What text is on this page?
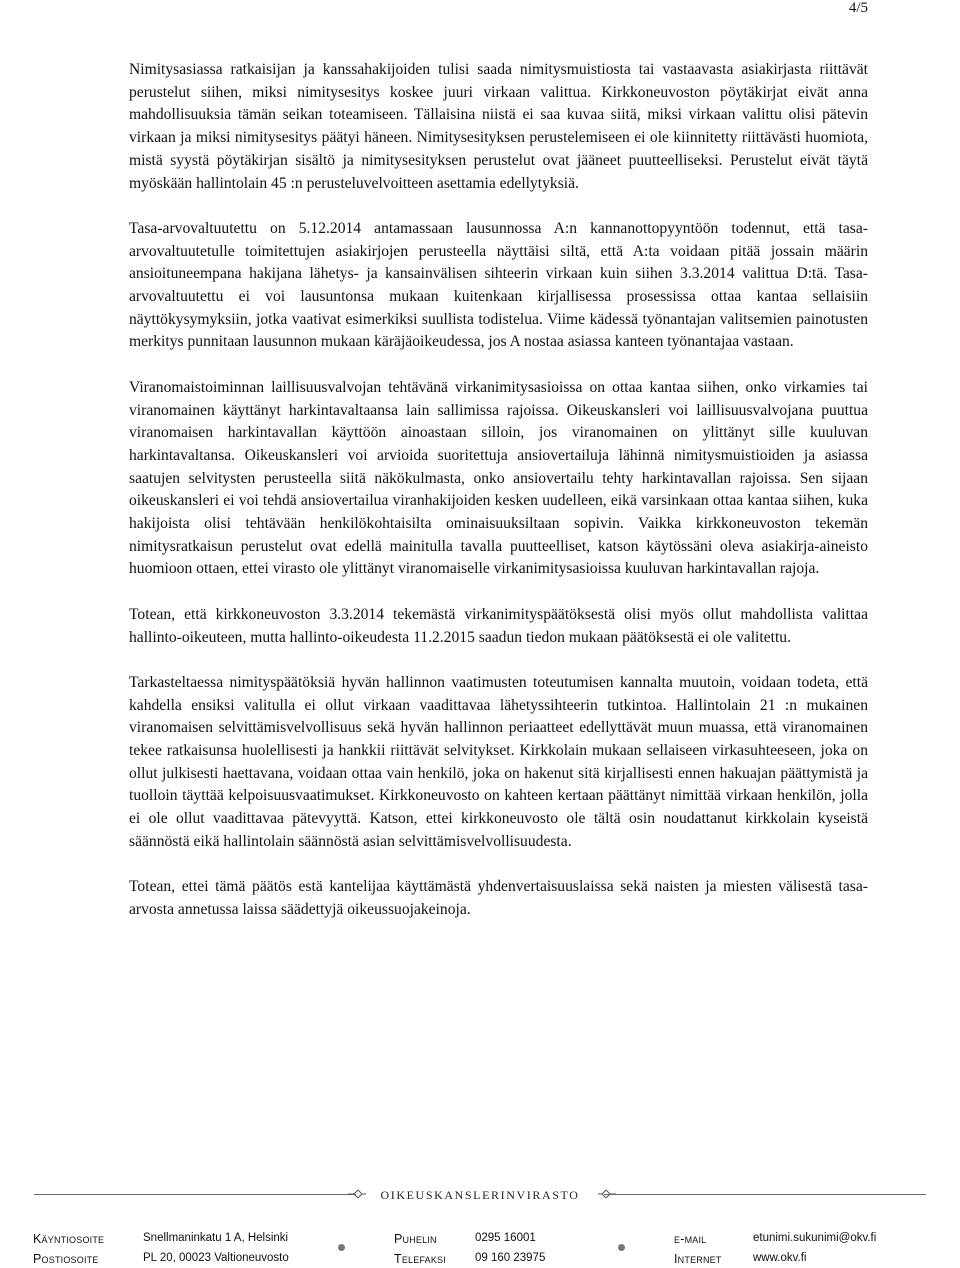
4/5

Nimitysasiassa ratkaisijan ja kanssahakijoiden tulisi saada nimitysmuistiosta tai vastaavasta asiakirjasta riittävät perustelut siihen, miksi nimitysesitys koskee juuri virkaan valittua. Kirkkoneuvoston pöytäkirjat eivät anna mahdollisuuksia tämän seikan toteamiseen. Tällaisina niistä ei saa kuvaa siitä, miksi virkaan valittu olisi pätevin virkaan ja miksi nimitysesitys päätyi häneen. Nimitysesityksen perustelemiseen ei ole kiinnitetty riittävästi huomiota, mistä syystä pöytäkirjan sisältö ja nimitysesityksen perustelut ovat jääneet puutteelliseksi. Perustelut eivät täytä myöskään hallintolain 45 :n perusteluvelvoitteen asettamia edellytyksiä.

Tasa-arvovaltuutettu on 5.12.2014 antamassaan lausunnossa A:n kannanottopyyntöön todennut, että tasa-arvovaltuutetulle toimitettujen asiakirjojen perusteella näyttäisi siltä, että A:ta voidaan pitää jossain määrin ansioituneempana hakijana lähetys- ja kansainvälisen sihteerin virkaan kuin siihen 3.3.2014 valittua D:tä. Tasa-arvovaltuutettu ei voi lausuntonsa mukaan kuitenkaan kirjallisessa prosessissa ottaa kantaa sellaisiin näyttökysymyksiin, jotka vaativat esimerkiksi suullista todistelua. Viime kädessä työnantajan valitsemien painotusten merkitys punnitaan lausunnon mukaan käräjäoikeudessa, jos A nostaa asiassa kanteen työnantajaa vastaan.

Viranomaistoiminnan laillisuusvalvojan tehtävänä virkanimitysasioissa on ottaa kantaa siihen, onko virkamies tai viranomainen käyttänyt harkintavaltaansa lain sallimissa rajoissa. Oikeuskansleri voi laillisuusvalvojana puuttua viranomaisen harkintavallan käyttöön ainoastaan silloin, jos viranomainen on ylittänyt sille kuuluvan harkintavaltansa. Oikeuskansleri voi arvioida suoritettuja ansiovertailuja lähinnä nimitysmuistioiden ja asiassa saatujen selvitysten perusteella siitä näkökulmasta, onko ansiovertailu tehty harkintavallan rajoissa. Sen sijaan oikeuskansleri ei voi tehdä ansiovertailua viranhakijoiden kesken uudelleen, eikä varsinkaan ottaa kantaa siihen, kuka hakijoista olisi tehtävään henkilökohtaisilta ominaisuuksiltaan sopivin. Vaikka kirkkoneuvoston tekemän nimitysratkaisun perustelut ovat edellä mainitulla tavalla puutteelliset, katson käytössäni oleva asiakirja-aineisto huomioon ottaen, ettei virasto ole ylittänyt viranomaiselle virkanimitysasioissa kuuluvan harkintavallan rajoja.

Totean, että kirkkoneuvoston 3.3.2014 tekemästä virkanimityspäätöksestä olisi myös ollut mahdollista valittaa hallinto-oikeuteen, mutta hallinto-oikeudesta 11.2.2015 saadun tiedon mukaan päätöksestä ei ole valitettu.

Tarkasteltaessa nimityspäätöksiä hyvän hallinnon vaatimusten toteutumisen kannalta muutoin, voidaan todeta, että kahdella ensiksi valitulla ei ollut virkaan vaadittavaa lähetyssihteerin tutkintoa. Hallintolain 21 :n mukainen viranomaisen selvittämisvelvollisuus sekä hyvän hallinnon periaatteet edellyttävät muun muassa, että viranomainen tekee ratkaisunsa huolellisesti ja hankkii riittävät selvitykset. Kirkkolain mukaan sellaiseen virkasuhteeseen, joka on ollut julkisesti haettavana, voidaan ottaa vain henkilö, joka on hakenut sitä kirjallisesti ennen hakuajan päättymistä ja tuolloin täyttää kelpoisuusvaatimukset. Kirkkoneuvosto on kahteen kertaan päättänyt nimittää virkaan henkilön, jolla ei ole ollut vaadittavaa pätevyyttä. Katson, ettei kirkkoneuvosto ole tältä osin noudattanut kirkkolain kyseistä säännöstä eikä hallintolain säännöstä asian selvittämisvelvollisuudesta.

Totean, ettei tämä päätös estä kantelijaa käyttämästä yhdenvertaisuuslaissa sekä naisten ja miesten välisestä tasa-arvosta annetussa laissa säädettyjä oikeussuojakeinoja.

OIKEUSKANSLERINVIRASTO
Käyntiosoite	Snellmaninkatu 1 A, Helsinki
Postiosoite	PL 20, 00023 Valtioneuvosto
Puhelin	0295 16001
Telefaksi	09 160 23975
e-mail	etunimi.sukunimi@okv.fi
Internet	www.okv.fi
